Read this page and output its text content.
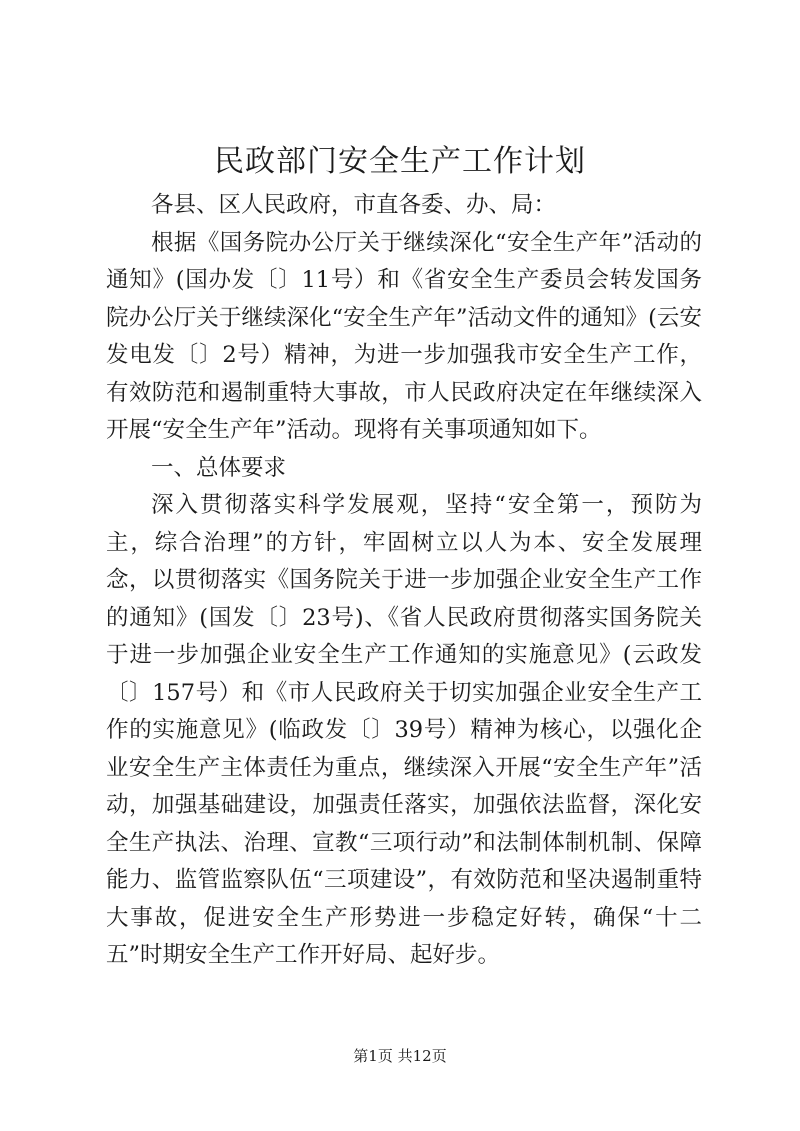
民政部门安全生产工作计划

各县、区人民政府，市直各委、办、局：

根据《国务院办公厅关于继续深化“安全生产年”活动的通知》(国办发〔〕11号）和《省安全生产委员会转发国务院办公厅关于继续深化“安全生产年”活动文件的通知》(云安发电发〔〕2号）精神，为进一步加强我市安全生产工作，有效防范和遏制重特大事故，市人民政府决定在年继续深入开展“安全生产年”活动。现将有关事项通知如下。

一、总体要求

深入贯彻落实科学发展观，坚持“安全第一，预防为主，综合治理”的方针，牢固树立以人为本、安全发展理念，以贯彻落实《国务院关于进一步加强企业安全生产工作的通知》(国发〔〕23号)、《省人民政府贯彻落实国务院关于进一步加强企业安全生产工作通知的实施意见》(云政发〔〕157号）和《市人民政府关于切实加强企业安全生产工作的实施意见》(临政发〔〕39号）精神为核心，以强化企业安全生产主体责任为重点，继续深入开展“安全生产年”活动，加强基础建设，加强责任落实，加强依法监督，深化安全生产执法、治理、宣教“三项行动”和法制体制机制、保障能力、监管监察队伍“三项建设”，有效防范和坚决遏制重特大事故，促进安全生产形势进一步稳定好转，确保“十二五”时期安全生产工作开好局、起好步。

第1页 共12页
